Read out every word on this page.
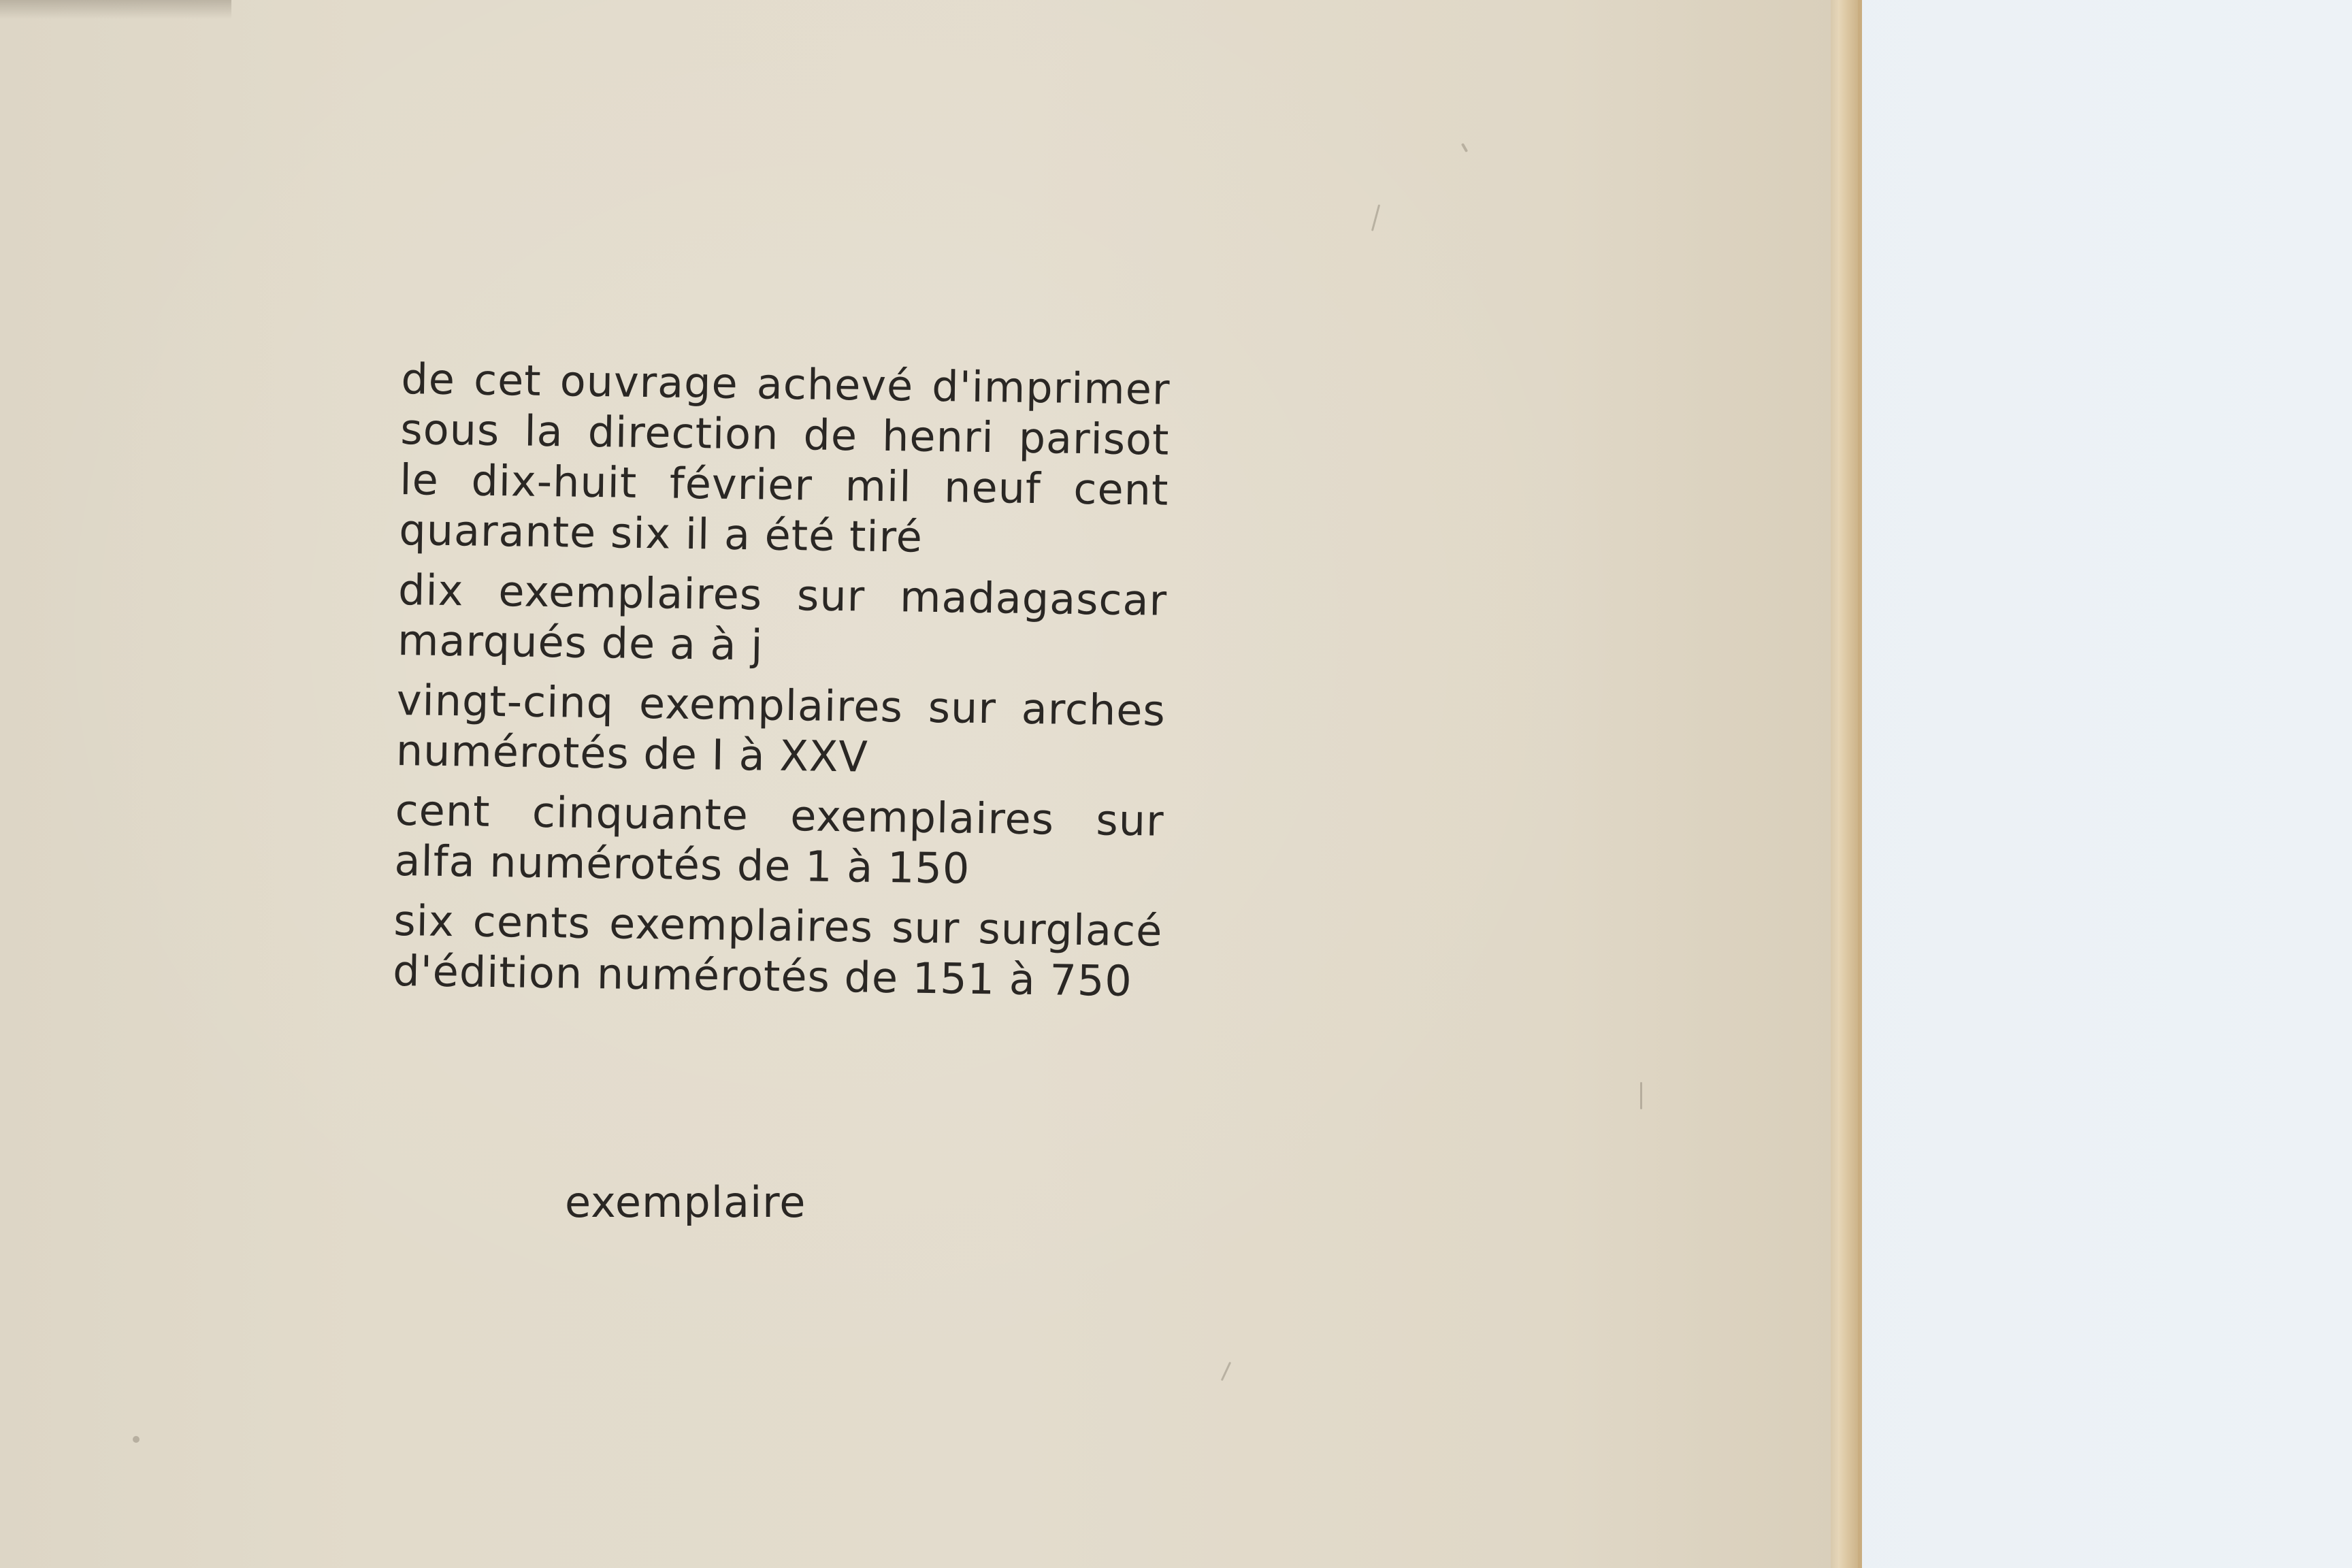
de cet ouvrage achevé d'imprimer sous la direction de henri parisot le dix-huit février mil neuf cent quarante six il a été tiré

dix exemplaires sur madagascar marqués de a à j

vingt-cinq exemplaires sur arches numérotés de I à XXV

cent cinquante exemplaires sur alfa numérotés de 1 à 150

six cents exemplaires sur surglacé d'édition numérotés de 151 à 750

exemplaire
